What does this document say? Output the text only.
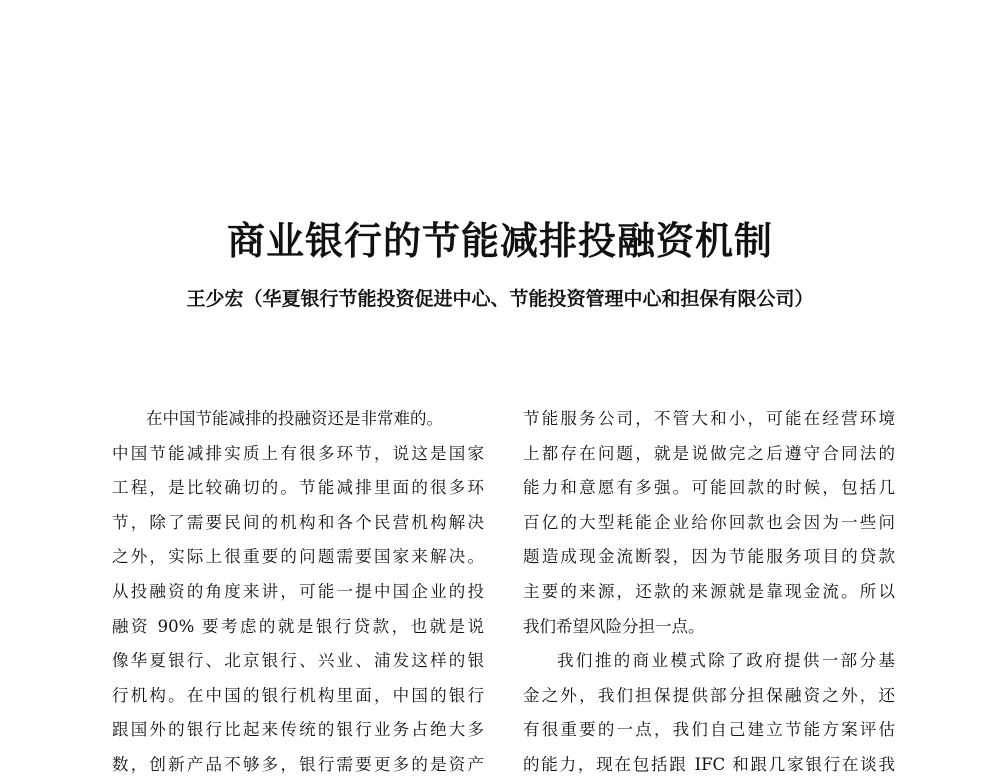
商业银行的节能减排投融资机制

王少宏（华夏银行节能投资促进中心、节能投资管理中心和担保有限公司）

在中国节能减排的投融资还是非常难的。
中国节能减排实质上有很多环节，说这是国家
工程，是比较确切的。节能减排里面的很多环
节，除了需要民间的机构和各个民营机构解决
之外，实际上很重要的问题需要国家来解决。
从投融资的角度来讲，可能一提中国企业的投
融资 90% 要考虑的就是银行贷款，也就是说
像华夏银行、北京银行、兴业、浦发这样的银
行机构。在中国的银行机构里面，中国的银行
跟国外的银行比起来传统的银行业务占绝大多
数，创新产品不够多，银行需要更多的是资产
节能服务公司，不管大和小，可能在经营环境
上都存在问题，就是说做完之后遵守合同法的
能力和意愿有多强。可能回款的时候，包括几
百亿的大型耗能企业给你回款也会因为一些问
题造成现金流断裂，因为节能服务项目的贷款
主要的来源，还款的来源就是靠现金流。所以
我们希望风险分担一点。
我们推的商业模式除了政府提供一部分基
金之外，我们担保提供部分担保融资之外，还
有很重要的一点，我们自己建立节能方案评估
的能力，现在包括跟 IFC 和跟几家银行在谈我
